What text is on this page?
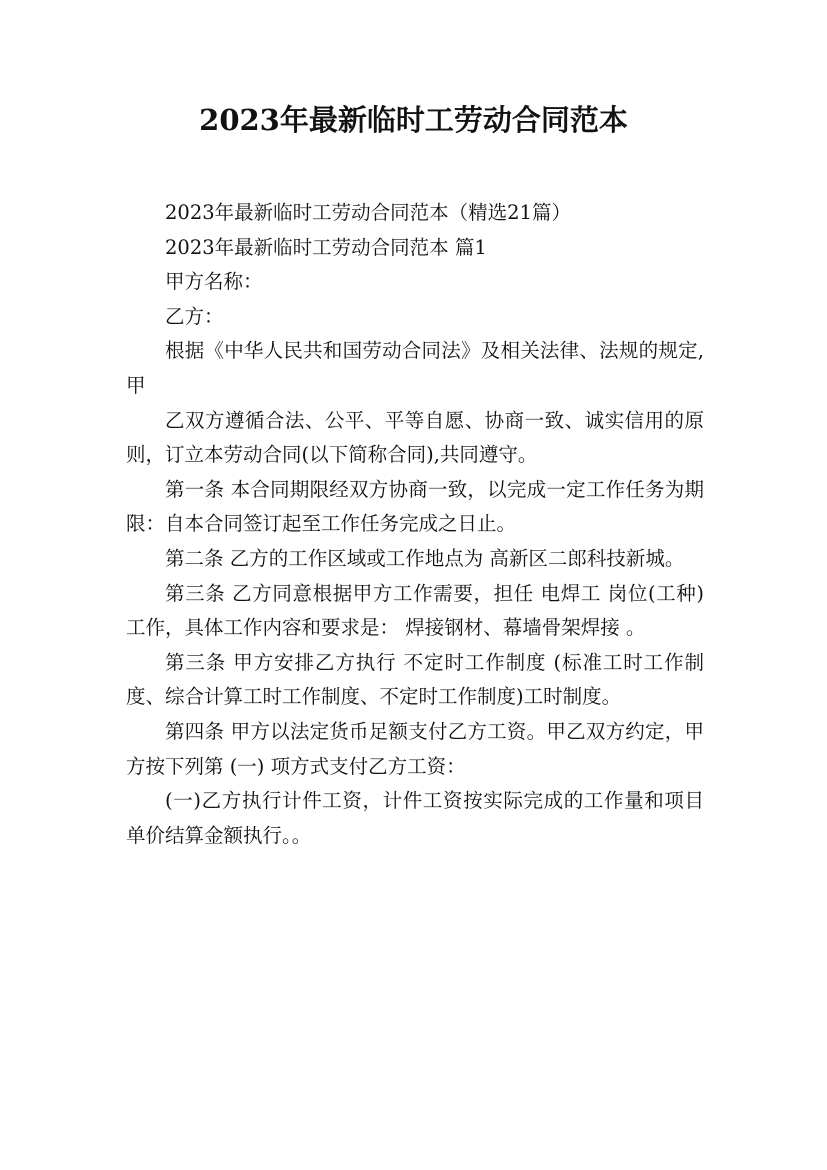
2023年最新临时工劳动合同范本

2023年最新临时工劳动合同范本（精选21篇）

2023年最新临时工劳动合同范本 篇1

甲方名称：

乙方：

根据《中华人民共和国劳动合同法》及相关法律、法规的规定,甲

乙双方遵循合法、公平、平等自愿、协商一致、诚实信用的原则，订立本劳动合同(以下简称合同),共同遵守。

第一条 本合同期限经双方协商一致，以完成一定工作任务为期限：自本合同签订起至工作任务完成之日止。

第二条 乙方的工作区域或工作地点为 高新区二郎科技新城。

第三条 乙方同意根据甲方工作需要，担任 电焊工 岗位(工种)工作，具体工作内容和要求是： 焊接钢材、幕墙骨架焊接 。

第三条 甲方安排乙方执行 不定时工作制度 (标准工时工作制度、综合计算工时工作制度、不定时工作制度)工时制度。

第四条 甲方以法定货币足额支付乙方工资。甲乙双方约定，甲方按下列第 (一) 项方式支付乙方工资：

(一)乙方执行计件工资，计件工资按实际完成的工作量和项目单价结算金额执行。。
